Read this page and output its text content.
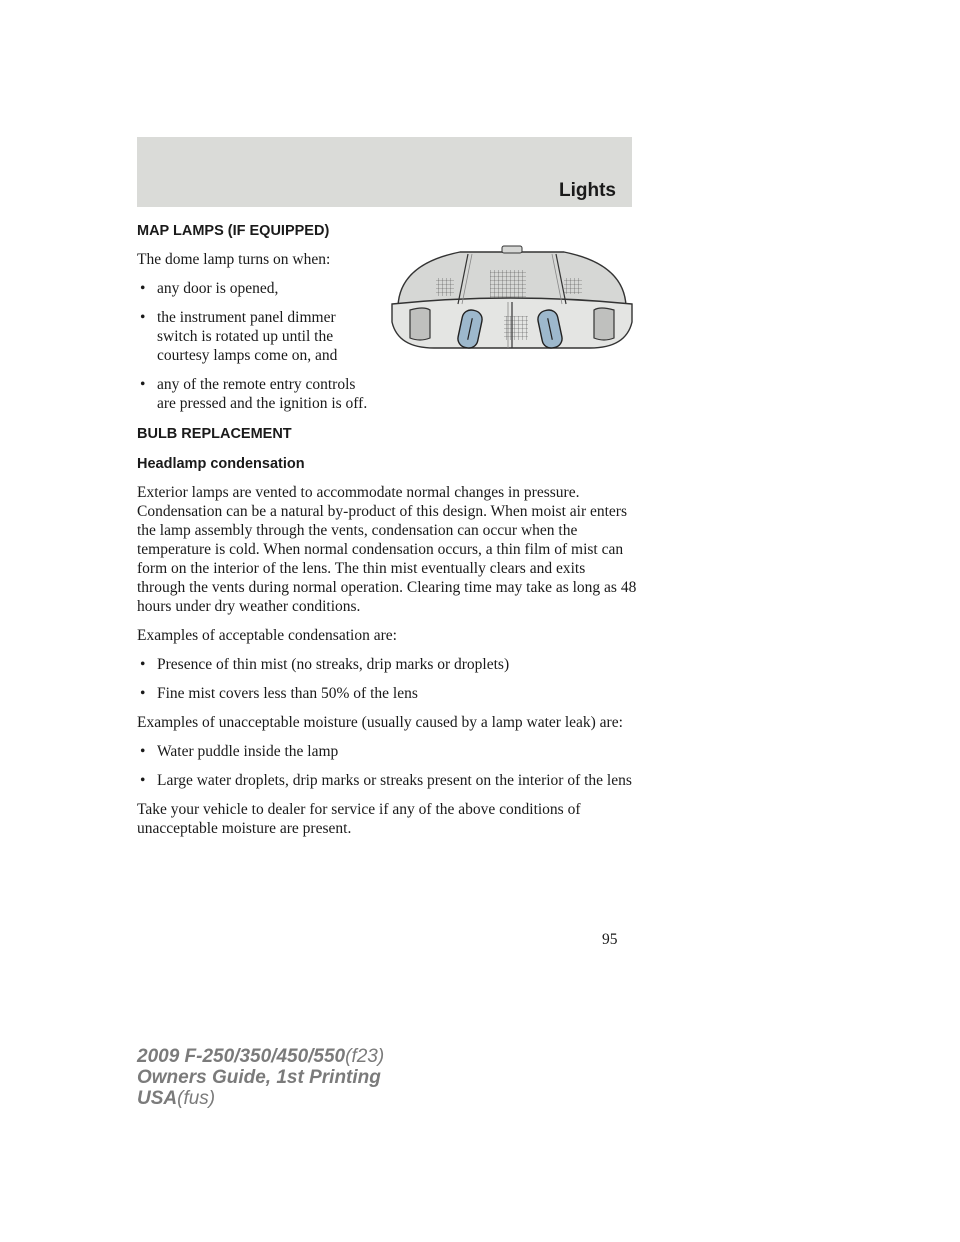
Lights
MAP LAMPS (IF EQUIPPED)

The dome lamp turns on when:

• any door is opened,
• the instrument panel dimmer switch is rotated up until the courtesy lamps come on, and
• any of the remote entry controls are pressed and the ignition is off.
BULB REPLACEMENT
Headlamp condensation

Exterior lamps are vented to accommodate normal changes in pressure. Condensation can be a natural by-product of this design. When moist air enters the lamp assembly through the vents, condensation can occur when the temperature is cold. When normal condensation occurs, a thin film of mist can form on the interior of the lens. The thin mist eventually clears and exits through the vents during normal operation. Clearing time may take as long as 48 hours under dry weather conditions.

Examples of acceptable condensation are:

• Presence of thin mist (no streaks, drip marks or droplets)
• Fine mist covers less than 50% of the lens

Examples of unacceptable moisture (usually caused by a lamp water leak) are:

• Water puddle inside the lamp
• Large water droplets, drip marks or streaks present on the interior of the lens

Take your vehicle to dealer for service if any of the above conditions of unacceptable moisture are present.

95
2009 F-250/350/450/550(f23)
Owners Guide, 1st Printing
USA(fus)
